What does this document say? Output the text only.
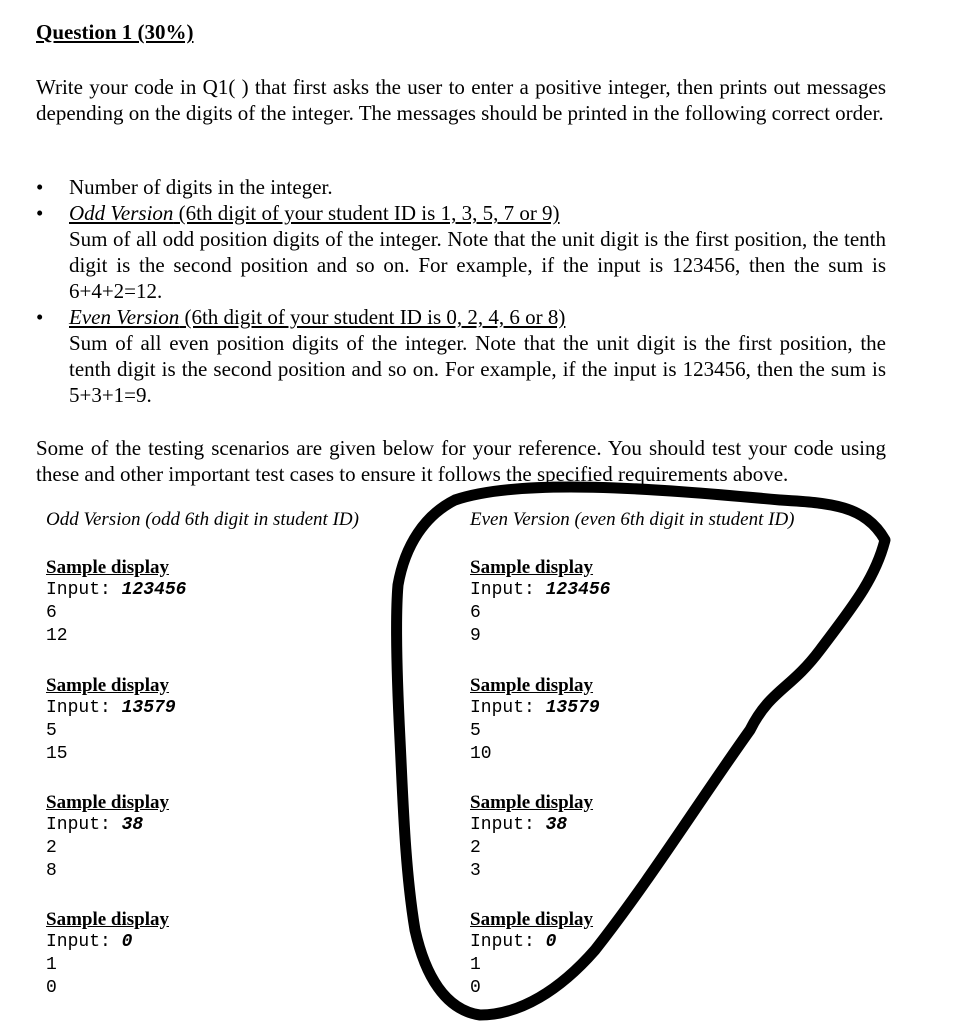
Question 1 (30%)
Write your code in Q1( ) that first asks the user to enter a positive integer, then prints out messages depending on the digits of the integer. The messages should be printed in the following correct order.
• Number of digits in the integer.

• Odd Version (6th digit of your student ID is 1, 3, 5, 7 or 9)

Sum of all odd position digits of the integer. Note that the unit digit is the first position, the tenth digit is the second position and so on. For example, if the input is 123456, then the sum is 6+4+2=12.

• Even Version (6th digit of your student ID is 0, 2, 4, 6 or 8)

Sum of all even position digits of the integer. Note that the unit digit is the first position, the tenth digit is the second position and so on. For example, if the input is 123456, then the sum is 5+3+1=9.

Some of the testing scenarios are given below for your reference. You should test your code using these and other important test cases to ensure it follows the specified requirements above.
Odd Version (odd 6th digit in student ID)	Even Version (even 6th digit in student ID)
Sample display
Input: 123456
6
12
Sample display
Input: 13579
5
15
Sample display
Input: 38
2
8
Sample display
Input: 0
1
0
Sample display
Input: 123456
6
9
Sample display
Input: 13579
5
10
Sample display
Input: 38
2
3
Sample display
Input: 0
1
0
